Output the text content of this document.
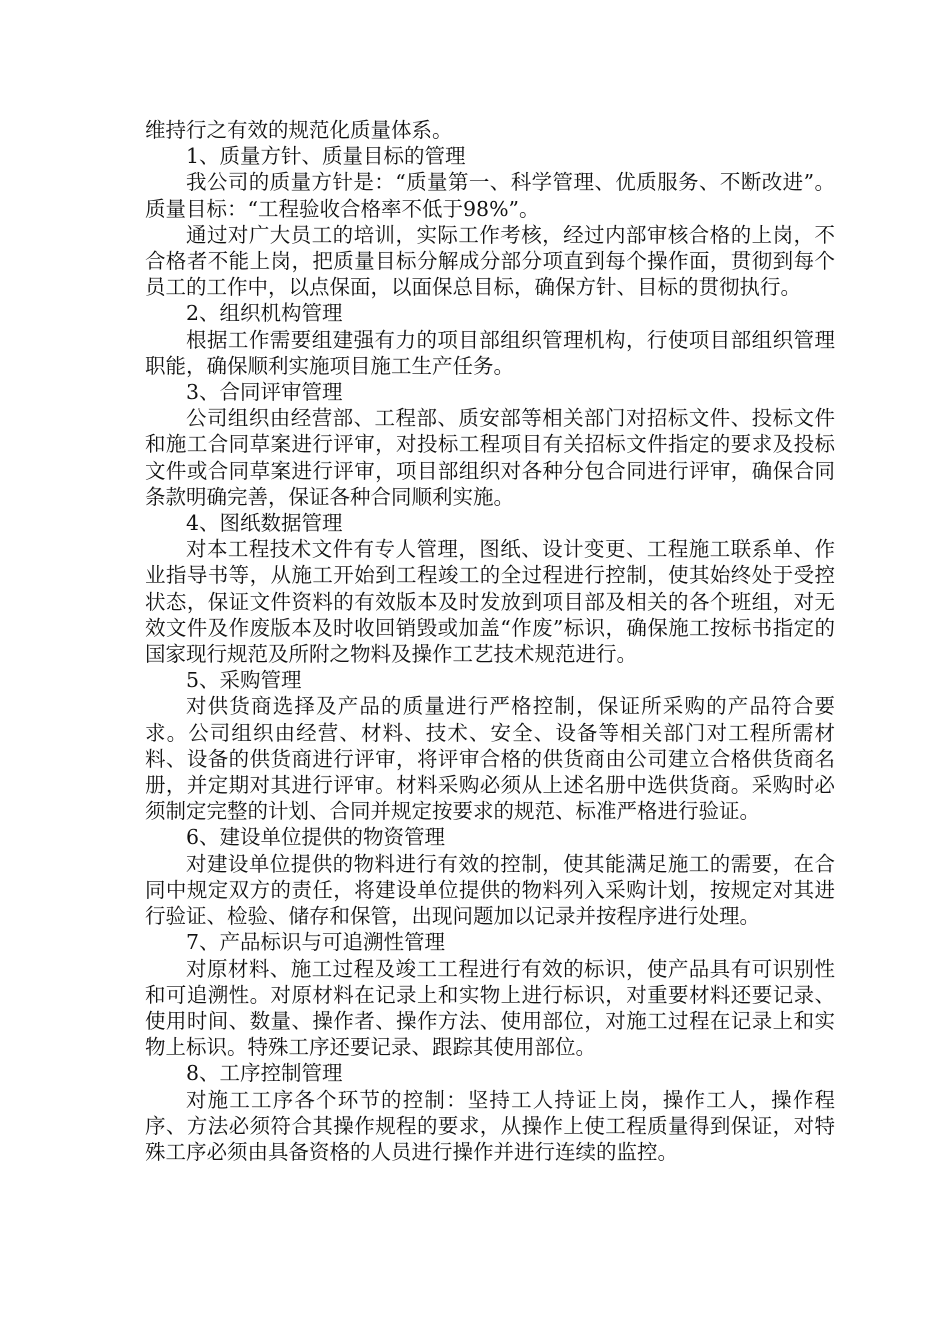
维持行之有效的规范化质量体系。

1、质量方针、质量目标的管理

我公司的质量方针是：“质量第一、科学管理、优质服务、不断改进”。质量目标：“工程验收合格率不低于98%”。

通过对广大员工的培训，实际工作考核，经过内部审核合格的上岗，不合格者不能上岗，把质量目标分解成分部分项直到每个操作面，贯彻到每个员工的工作中，以点保面，以面保总目标，确保方针、目标的贯彻执行。

2、组织机构管理

根据工作需要组建强有力的项目部组织管理机构，行使项目部组织管理职能，确保顺利实施项目施工生产任务。

3、合同评审管理

公司组织由经营部、工程部、质安部等相关部门对招标文件、投标文件和施工合同草案进行评审，对投标工程项目有关招标文件指定的要求及投标文件或合同草案进行评审，项目部组织对各种分包合同进行评审，确保合同条款明确完善，保证各种合同顺利实施。

4、图纸数据管理

对本工程技术文件有专人管理，图纸、设计变更、工程施工联系单、作业指导书等，从施工开始到工程竣工的全过程进行控制，使其始终处于受控状态，保证文件资料的有效版本及时发放到项目部及相关的各个班组，对无效文件及作废版本及时收回销毁或加盖“作废”标识，确保施工按标书指定的国家现行规范及所附之物料及操作工艺技术规范进行。

5、采购管理

对供货商选择及产品的质量进行严格控制，保证所采购的产品符合要求。公司组织由经营、材料、技术、安全、设备等相关部门对工程所需材料、设备的供货商进行评审，将评审合格的供货商由公司建立合格供货商名册，并定期对其进行评审。材料采购必须从上述名册中选供货商。采购时必须制定完整的计划、合同并规定按要求的规范、标准严格进行验证。

6、建设单位提供的物资管理

对建设单位提供的物料进行有效的控制，使其能满足施工的需要，在合同中规定双方的责任，将建设单位提供的物料列入采购计划，按规定对其进行验证、检验、储存和保管，出现问题加以记录并按程序进行处理。

7、产品标识与可追溯性管理

对原材料、施工过程及竣工工程进行有效的标识，使产品具有可识别性和可追溯性。对原材料在记录上和实物上进行标识，对重要材料还要记录、使用时间、数量、操作者、操作方法、使用部位，对施工过程在记录上和实物上标识。特殊工序还要记录、跟踪其使用部位。

8、工序控制管理

对施工工序各个环节的控制：坚持工人持证上岗，操作工人，操作程序、方法必须符合其操作规程的要求，从操作上使工程质量得到保证，对特殊工序必须由具备资格的人员进行操作并进行连续的监控。
